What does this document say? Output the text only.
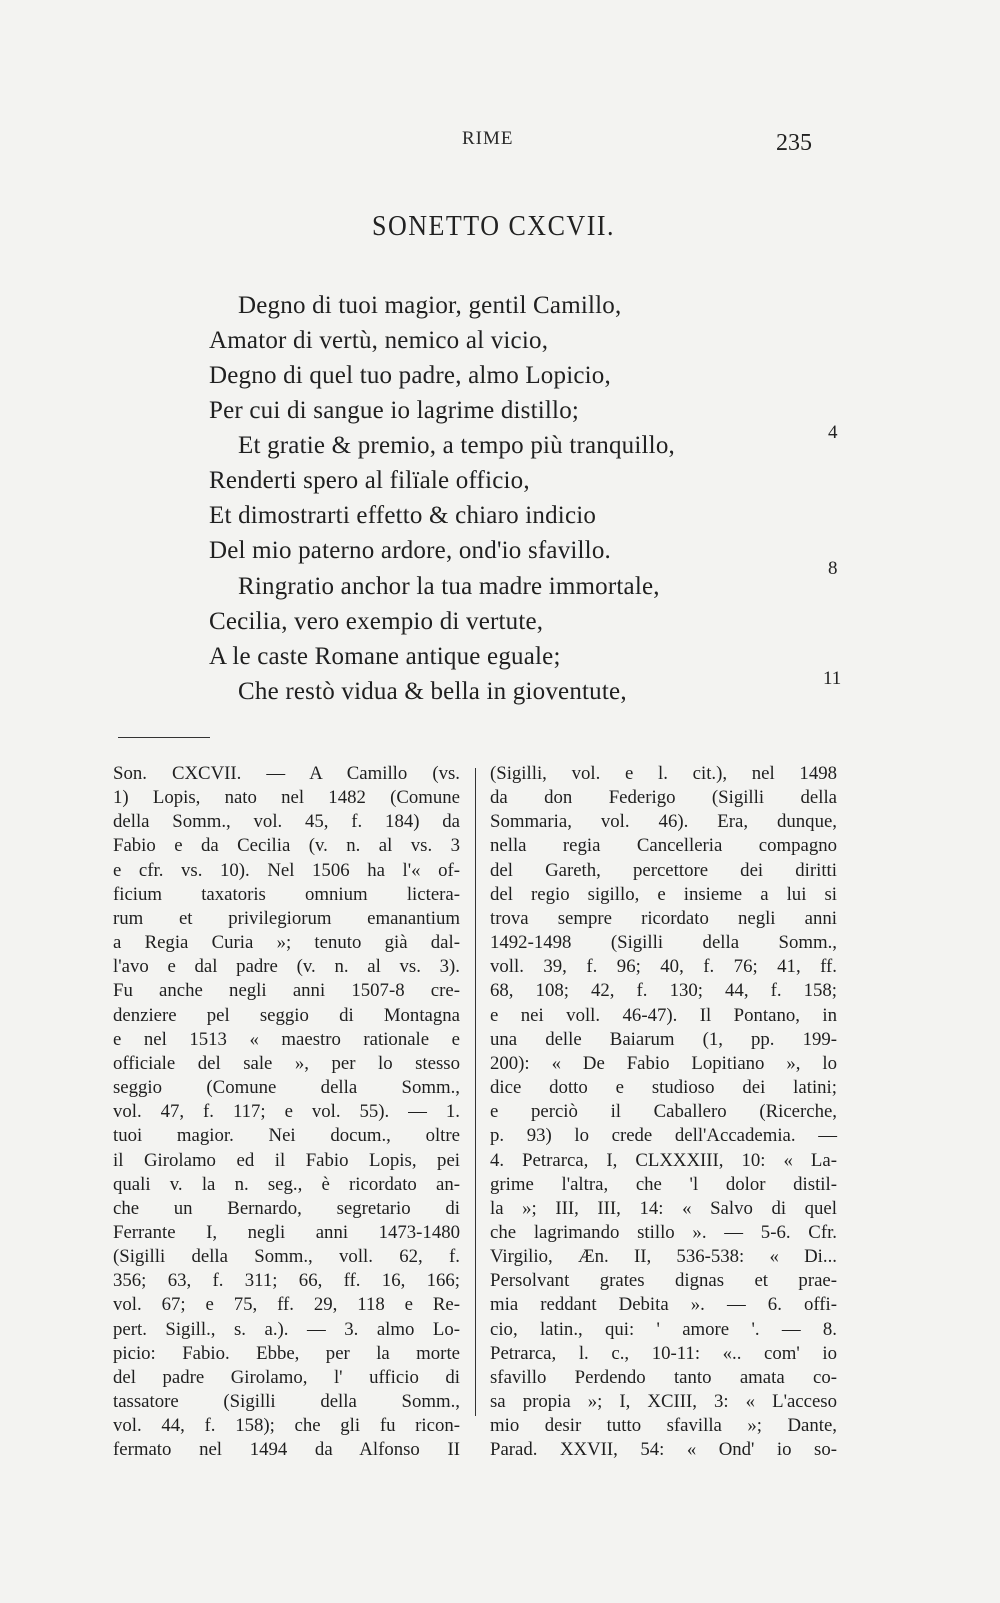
RIME	235
SONETTO CXCVII.
Degno di tuoi magior, gentil Camillo,
Amator di vertù, nemico al vicio,
Degno di quel tuo padre, almo Lopicio,
Per cui di sangue io lagrime distillo;
Et gratie & premio, a tempo più tranquillo,
Renderti spero al filïale officio,
Et dimostrarti effetto & chiaro indicio
Del mio paterno ardore, ond'io sfavillo.
Ringratio anchor la tua madre immortale,
Cecilia, vero exempio di vertute,
A le caste Romane antique eguale;
Che restò vidua & bella in gioventute,
4
8
11
Son. CXCVII. — A Camillo (vs.
1) Lopis, nato nel 1482 (Comune
della Somm., vol. 45, f. 184) da
Fabio e da Cecilia (v. n. al vs. 3
e cfr. vs. 10). Nel 1506 ha l'« of-
ficium taxatoris omnium lictera-
rum et privilegiorum emanantium
a Regia Curia »; tenuto già dal-
l'avo e dal padre (v. n. al vs. 3).
Fu anche negli anni 1507-8 cre-
denziere pel seggio di Montagna
e nel 1513 « maestro rationale e
officiale del sale », per lo stesso
seggio (Comune della Somm.,
vol. 47, f. 117; e vol. 55). — 1.
tuoi magior. Nei docum., oltre
il Girolamo ed il Fabio Lopis, pei
quali v. la n. seg., è ricordato an-
che un Bernardo, segretario di
Ferrante I, negli anni 1473-1480
(Sigilli della Somm., voll. 62, f.
356; 63, f. 311; 66, ff. 16, 166;
vol. 67; e 75, ff. 29, 118 e Re-
pert. Sigill., s. a.). — 3. almo Lo-
picio: Fabio. Ebbe, per la morte
del padre Girolamo, l' ufficio di
tassatore (Sigilli della Somm.,
vol. 44, f. 158); che gli fu ricon-
fermato nel 1494 da Alfonso II
(Sigilli, vol. e l. cit.), nel 1498
da don Federigo (Sigilli della
Sommaria, vol. 46). Era, dunque,
nella regia Cancelleria compagno
del Gareth, percettore dei diritti
del regio sigillo, e insieme a lui si
trova sempre ricordato negli anni
1492-1498 (Sigilli della Somm.,
voll. 39, f. 96; 40, f. 76; 41, ff.
68, 108; 42, f. 130; 44, f. 158;
e nei voll. 46-47). Il Pontano, in
una delle Baiarum (1, pp. 199-
200): « De Fabio Lopitiano », lo
dice dotto e studioso dei latini;
e perciò il Caballero (Ricerche,
p. 93) lo crede dell'Accademia. —
4. Petrarca, I, CLXXXIII, 10: « La-
grime l'altra, che 'l dolor distil-
la »; III, III, 14: « Salvo di quel
che lagrimando stillo ». — 5-6. Cfr.
Virgilio, Æn. II, 536-538: « Di...
Persolvant grates dignas et prae-
mia reddant Debita ». — 6. offi-
cio, latin., qui: ' amore '. — 8.
Petrarca, l. c., 10-11: «.. com' io
sfavillo Perdendo tanto amata co-
sa propia »; I, XCIII, 3: « L'acceso
mio desir tutto sfavilla »; Dante,
Parad. XXVII, 54: « Ond' io so-
